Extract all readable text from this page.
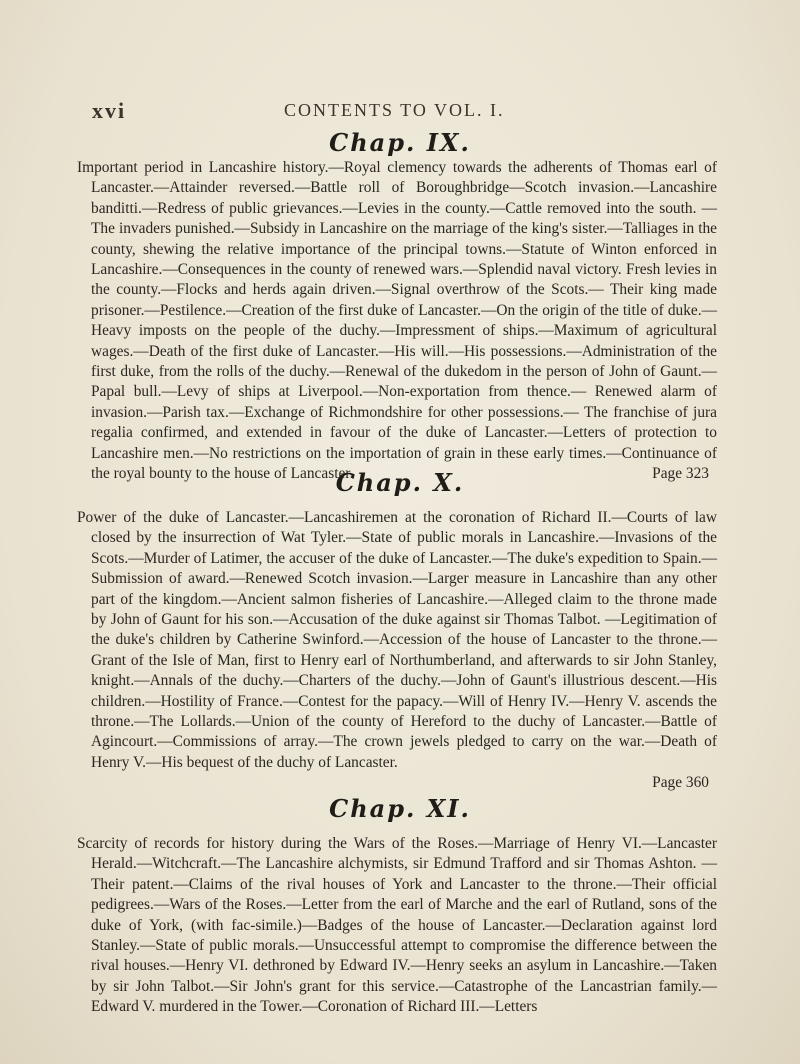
xvi	CONTENTS TO VOL. I.
Chap. IX.
Important period in Lancashire history.—Royal clemency towards the adherents of Thomas earl of Lancaster.—Attainder reversed.—Battle roll of Boroughbridge—Scotch invasion.—Lancashire banditti.—Redress of public grievances.—Levies in the county.—Cattle removed into the south. —The invaders punished.—Subsidy in Lancashire on the marriage of the king's sister.—Talliages in the county, shewing the relative importance of the principal towns.—Statute of Winton enforced in Lancashire.—Consequences in the county of renewed wars.—Splendid naval victory. Fresh levies in the county.—Flocks and herds again driven.—Signal overthrow of the Scots.— Their king made prisoner.—Pestilence.—Creation of the first duke of Lancaster.—On the origin of the title of duke.—Heavy imposts on the people of the duchy.—Impressment of ships.—Maximum of agricultural wages.—Death of the first duke of Lancaster.—His will.—His possessions.—Administration of the first duke, from the rolls of the duchy.—Renewal of the dukedom in the person of John of Gaunt.—Papal bull.—Levy of ships at Liverpool.—Non-exportation from thence.— Renewed alarm of invasion.—Parish tax.—Exchange of Richmondshire for other possessions.— The franchise of jura regalia confirmed, and extended in favour of the duke of Lancaster.—Letters of protection to Lancashire men.—No restrictions on the importation of grain in these early times.—Continuance of the royal bounty to the house of Lancaster.	Page 323
Chap. X.
Power of the duke of Lancaster.—Lancashiremen at the coronation of Richard II.—Courts of law closed by the insurrection of Wat Tyler.—State of public morals in Lancashire.—Invasions of the Scots.—Murder of Latimer, the accuser of the duke of Lancaster.—The duke's expedition to Spain.—Submission of award.—Renewed Scotch invasion.—Larger measure in Lancashire than any other part of the kingdom.—Ancient salmon fisheries of Lancashire.—Alleged claim to the throne made by John of Gaunt for his son.—Accusation of the duke against sir Thomas Talbot. —Legitimation of the duke's children by Catherine Swinford.—Accession of the house of Lancaster to the throne.—Grant of the Isle of Man, first to Henry earl of Northumberland, and afterwards to sir John Stanley, knight.—Annals of the duchy.—Charters of the duchy.—John of Gaunt's illustrious descent.—His children.—Hostility of France.—Contest for the papacy.—Will of Henry IV.—Henry V. ascends the throne.—The Lollards.—Union of the county of Hereford to the duchy of Lancaster.—Battle of Agincourt.—Commissions of array.—The crown jewels pledged to carry on the war.—Death of Henry V.—His bequest of the duchy of Lancaster.
Page 360
Chap. XI.
Scarcity of records for history during the Wars of the Roses.—Marriage of Henry VI.—Lancaster Herald.—Witchcraft.—The Lancashire alchymists, sir Edmund Trafford and sir Thomas Ashton. —Their patent.—Claims of the rival houses of York and Lancaster to the throne.—Their official pedigrees.—Wars of the Roses.—Letter from the earl of Marche and the earl of Rutland, sons of the duke of York, (with fac-simile.)—Badges of the house of Lancaster.—Declaration against lord Stanley.—State of public morals.—Unsuccessful attempt to compromise the difference between the rival houses.—Henry VI. dethroned by Edward IV.—Henry seeks an asylum in Lancashire.—Taken by sir John Talbot.—Sir John's grant for this service.—Catastrophe of the Lancastrian family.—Edward V. murdered in the Tower.—Coronation of Richard III.—Letters
